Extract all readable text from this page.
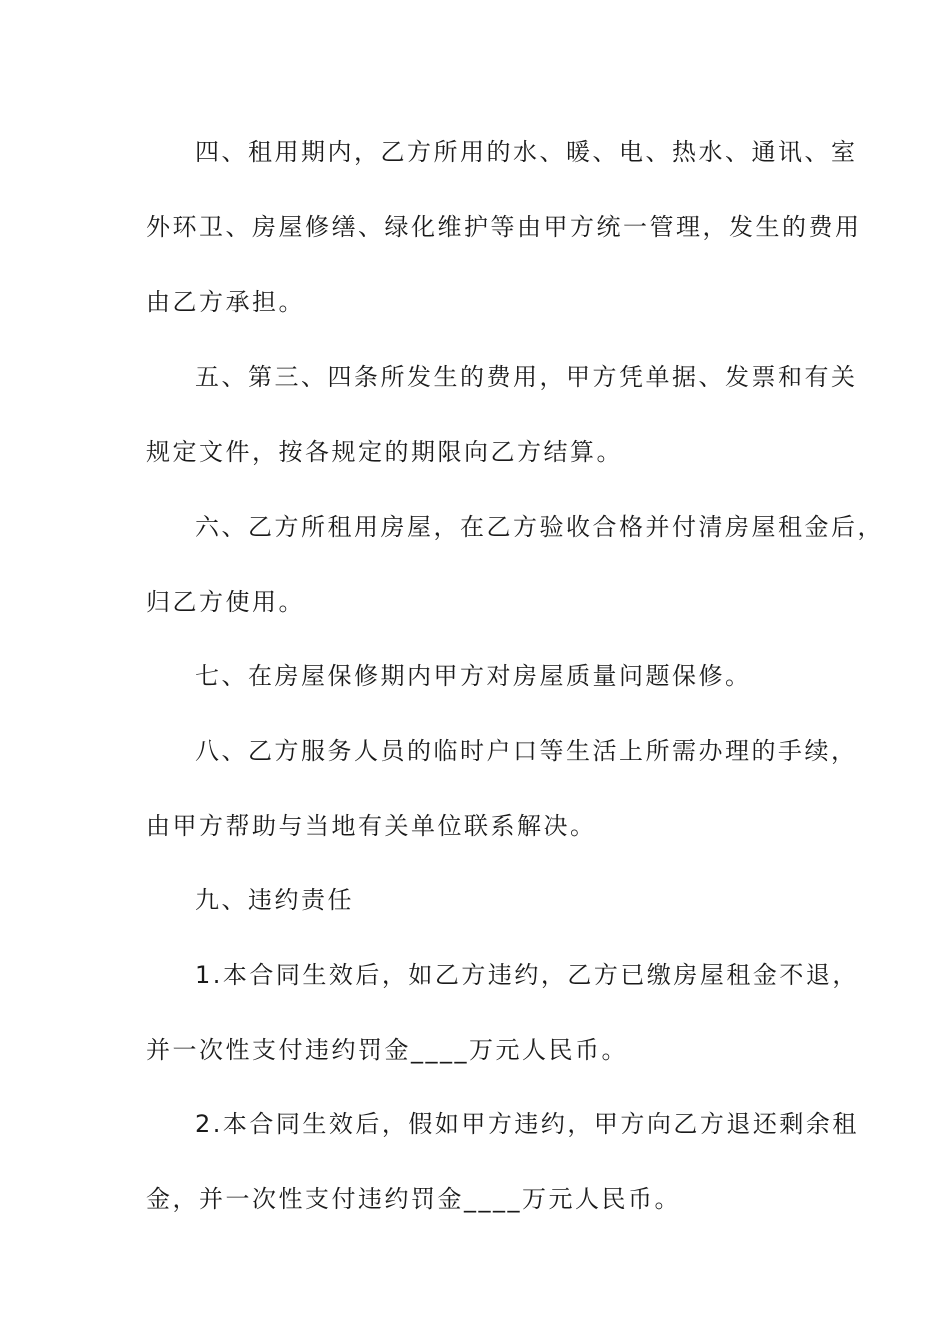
四、租用期内，乙方所用的水、暖、电、热水、通讯、室
外环卫、房屋修缮、绿化维护等由甲方统一管理，发生的费用
由乙方承担。
五、第三、四条所发生的费用，甲方凭单据、发票和有关
规定文件，按各规定的期限向乙方结算。
六、乙方所租用房屋，在乙方验收合格并付清房屋租金后，
归乙方使用。
七、在房屋保修期内甲方对房屋质量问题保修。
八、乙方服务人员的临时户口等生活上所需办理的手续，
由甲方帮助与当地有关单位联系解决。
九、违约责任
1.本合同生效后，如乙方违约，乙方已缴房屋租金不退，
并一次性支付违约罚金____万元人民币。
2.本合同生效后，假如甲方违约，甲方向乙方退还剩余租
金，并一次性支付违约罚金____万元人民币。
